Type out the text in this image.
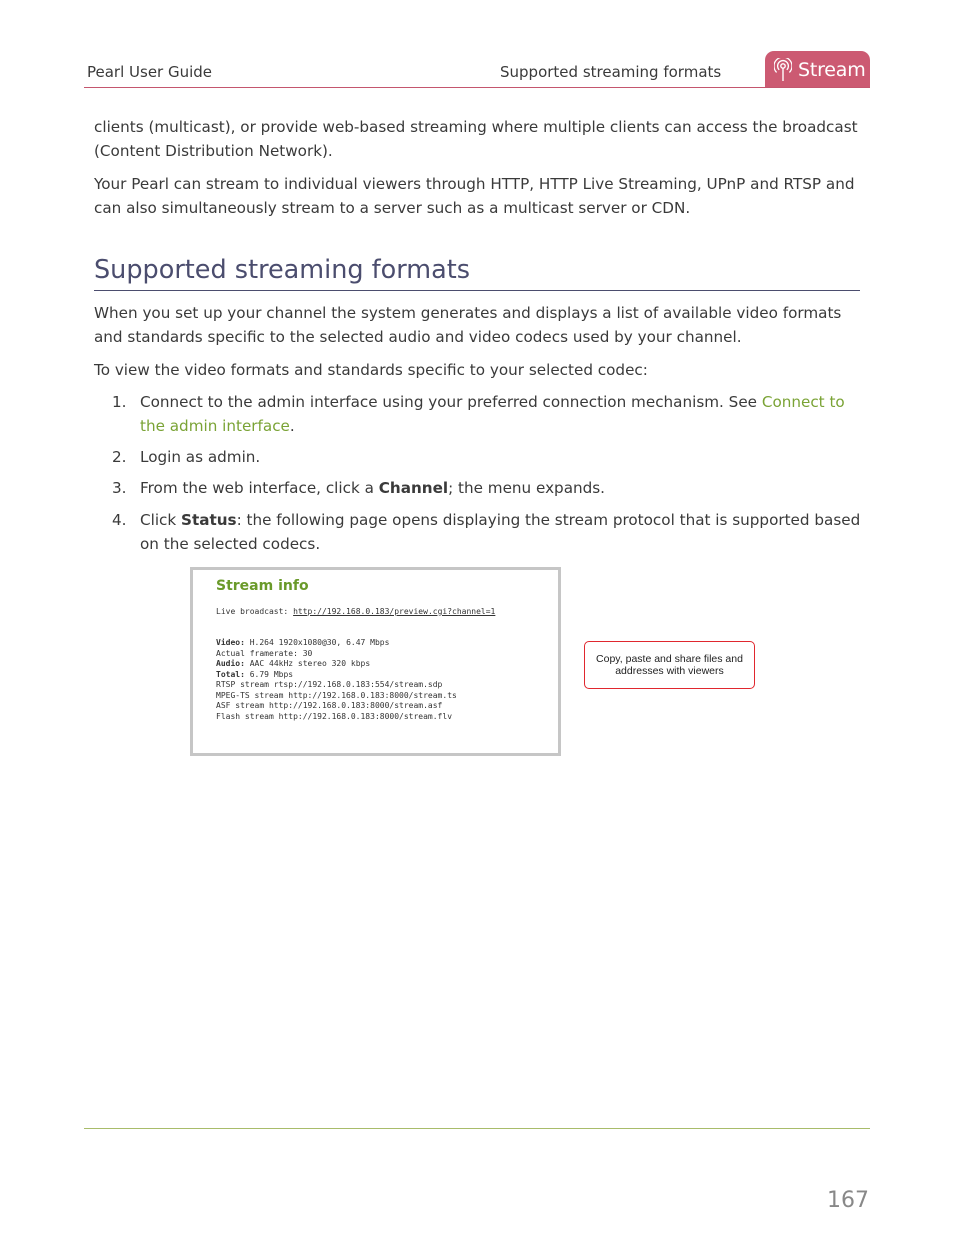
Pearl User Guide	Supported streaming formats	Stream

clients (multicast), or provide web-based streaming where multiple clients can access the broadcast (Content Distribution Network).

Your Pearl can stream to individual viewers through HTTP, HTTP Live Streaming, UPnP and RTSP and can also simultaneously stream to a server such as a multicast server or CDN.

Supported streaming formats

When you set up your channel the system generates and displays a list of available video formats and standards specific to the selected audio and video codecs used by your channel.

To view the video formats and standards specific to your selected codec:

1. Connect to the admin interface using your preferred connection mechanism. See Connect to the admin interface.
2. Login as admin.
3. From the web interface, click a Channel; the menu expands.
4. Click Status: the following page opens displaying the stream protocol that is supported based on the selected codecs.
Stream info
Live broadcast: http://192.168.0.183/preview.cgi?channel=1
Video: H.264 1920x1080@30, 6.47 Mbps
Actual framerate: 30
Audio: AAC 44kHz stereo 320 kbps
Total: 6.79 Mbps
RTSP stream rtsp://192.168.0.183:554/stream.sdp
MPEG-TS stream http://192.168.0.183:8000/stream.ts
ASF stream http://192.168.0.183:8000/stream.asf
Flash stream http://192.168.0.183:8000/stream.flv
Copy, paste and share files and addresses with viewers
167
